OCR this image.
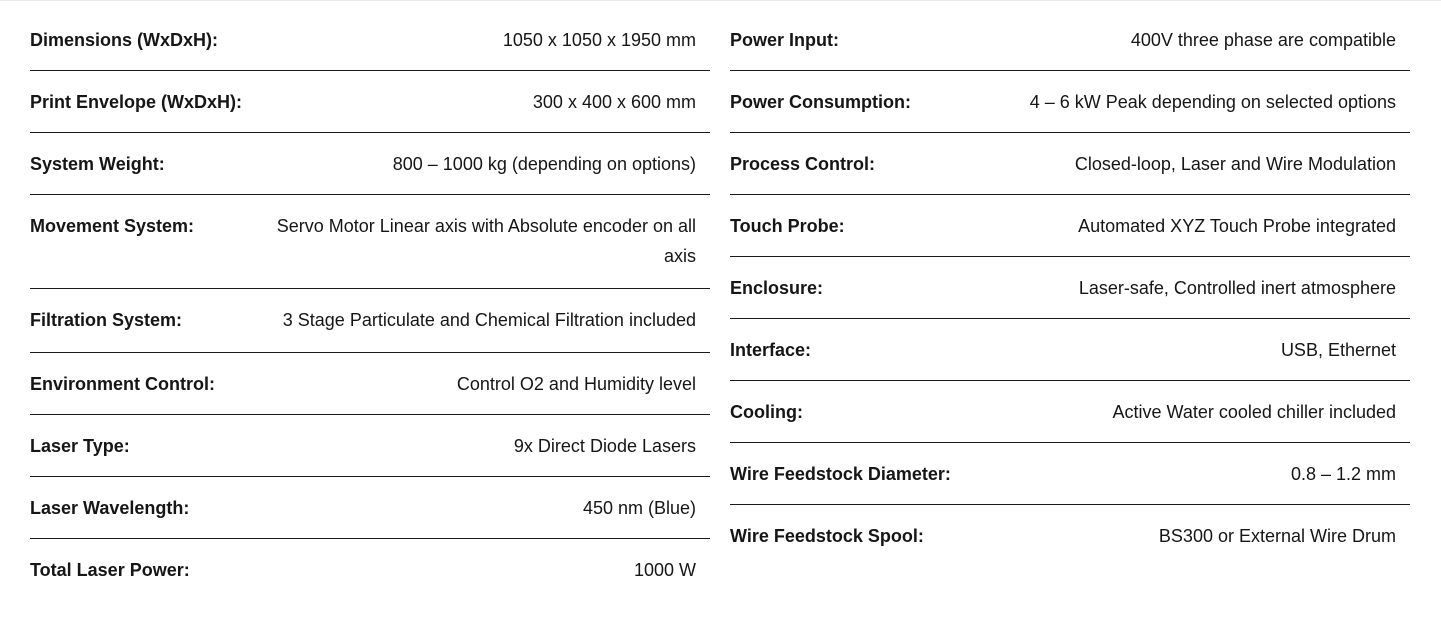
Dimensions (WxDxH):	1050 x 1050 x 1950 mm
Print Envelope (WxDxH):	300 x 400 x 600 mm
System Weight:	800 – 1000 kg (depending on options)
Movement System:	Servo Motor Linear axis with Absolute encoder on all axis
Filtration System:	3 Stage Particulate and Chemical Filtration included
Environment Control:	Control O2 and Humidity level
Laser Type:	9x Direct Diode Lasers
Laser Wavelength:	450 nm (Blue)
Total Laser Power:	1000 W
Power Input:	400V three phase are compatible
Power Consumption:	4 – 6 kW Peak depending on selected options
Process Control:	Closed-loop, Laser and Wire Modulation
Touch Probe:	Automated XYZ Touch Probe integrated
Enclosure:	Laser-safe, Controlled inert atmosphere
Interface:	USB, Ethernet
Cooling:	Active Water cooled chiller included
Wire Feedstock Diameter:	0.8 – 1.2 mm
Wire Feedstock Spool:	BS300 or External Wire Drum
